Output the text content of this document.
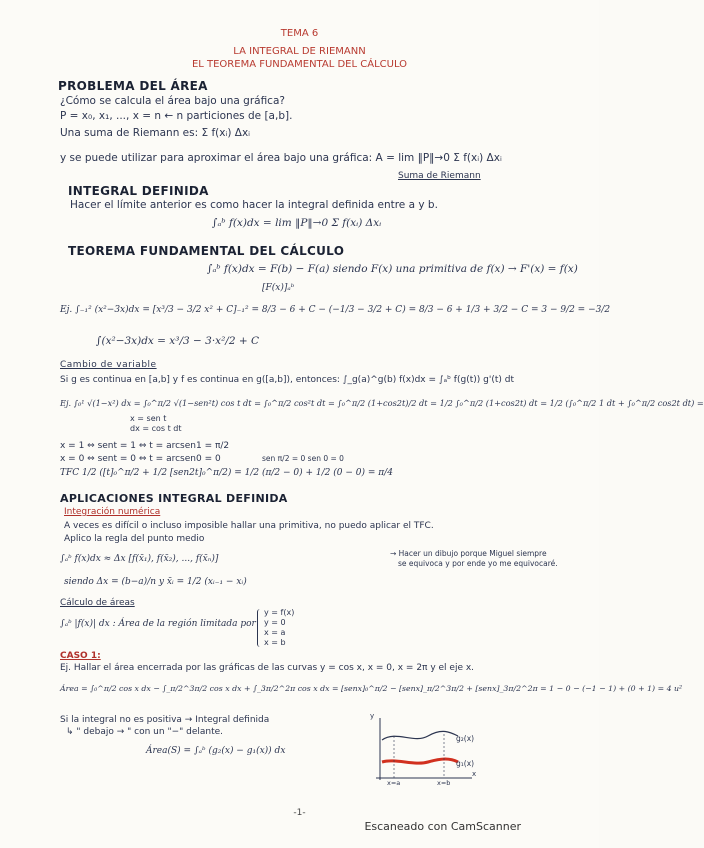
TEMA 6
LA INTEGRAL DE RIEMANN
EL TEOREMA FUNDAMENTAL DEL CÁLCULO
PROBLEMA DEL ÁREA
¿Cómo se calcula el área bajo una gráfica?
P = x₀, x₁, ..., x = n ← n particiones de [a,b].
Una suma de Riemann es: Σ f(xᵢ) Δxᵢ
y se puede utilizar para aproximar el área bajo una gráfica: A = lim ‖P‖→0 Σ f(xᵢ) Δxᵢ
Suma de Riemann
INTEGRAL DEFINIDA
Hacer el límite anterior es como hacer la integral definida entre a y b.
∫ₐᵇ f(x)dx = lim ‖P‖→0 Σ f(xᵢ) Δxᵢ
TEOREMA FUNDAMENTAL DEL CÁLCULO
∫ₐᵇ f(x)dx = F(b) − F(a) siendo F(x) una primitiva de f(x) → F'(x) = f(x)
[F(x)]ₐᵇ
Ej. ∫₋₁² (x²−3x)dx = [x³/3 − 3/2 x² + C]₋₁² = 8/3 − 6 + C − (−1/3 − 3/2 + C) = 8/3 − 6 + 1/3 + 3/2 − C = 3 − 9/2 = −3/2
∫(x²−3x)dx = x³/3 − 3·x²/2 + C
Cambio de variable
Si g es continua en [a,b] y f es continua en g([a,b]), entonces: ∫_g(a)^g(b) f(x)dx = ∫ₐᵇ f(g(t)) g'(t) dt
Ej. ∫₀¹ √(1−x²) dx = ∫₀^π/2 √(1−sen²t) cos t dt = ∫₀^π/2 cos²t dt = ∫₀^π/2 (1+cos2t)/2 dt = 1/2 ∫₀^π/2 (1+cos2t) dt = 1/2 (∫₀^π/2 1 dt + ∫₀^π/2 cos2t dt) =
x = sen t
dx = cos t dt
x = 1 ⇔ sent = 1 ⇔ t = arcsen1 = π/2
x = 0 ⇔ sent = 0 ⇔ t = arcsen0 = 0	sen π/2 = 0 sen 0 = 0
TFC 1/2 ([t]₀^π/2 + 1/2 [sen2t]₀^π/2) = 1/2 (π/2 − 0) + 1/2 (0 − 0) = π/4
APLICACIONES INTEGRAL DEFINIDA
Integración numérica
A veces es difícil o incluso imposible hallar una primitiva, no puedo aplicar el TFC.
Aplico la regla del punto medio
∫ₐᵇ f(x)dx ≈ Δx [f(x̄₁), f(x̄₂), ..., f(x̄ₙ)]
→ Hacer un dibujo porque Miguel siempre
se equivoca y por ende yo me equivocaré.
siendo Δx = (b−a)/n y x̄ᵢ = 1/2 (xᵢ₋₁ − xᵢ)
Cálculo de áreas
∫ₐᵇ |f(x)| dx : Área de la región limitada por
y = f(x)
y = 0
x = a
x = b
CASO 1:
Ej. Hallar el área encerrada por las gráficas de las curvas y = cos x, x = 0, x = 2π y el eje x.
Área = ∫₀^π/2 cos x dx − ∫_π/2^3π/2 cos x dx + ∫_3π/2^2π cos x dx = [senx]₀^π/2 − [senx]_π/2^3π/2 + [senx]_3π/2^2π = 1 − 0 − (−1 − 1) + (0 + 1) = 4 u²
Si la integral no es positiva → Integral definida
↳ " debajo → " con un "−" delante.
Área(S) = ∫ₐᵇ (g₂(x) − g₁(x)) dx
y
x
g₂(x)
g₁(x)
x=a	x=b
-1-
Escaneado con CamScanner
